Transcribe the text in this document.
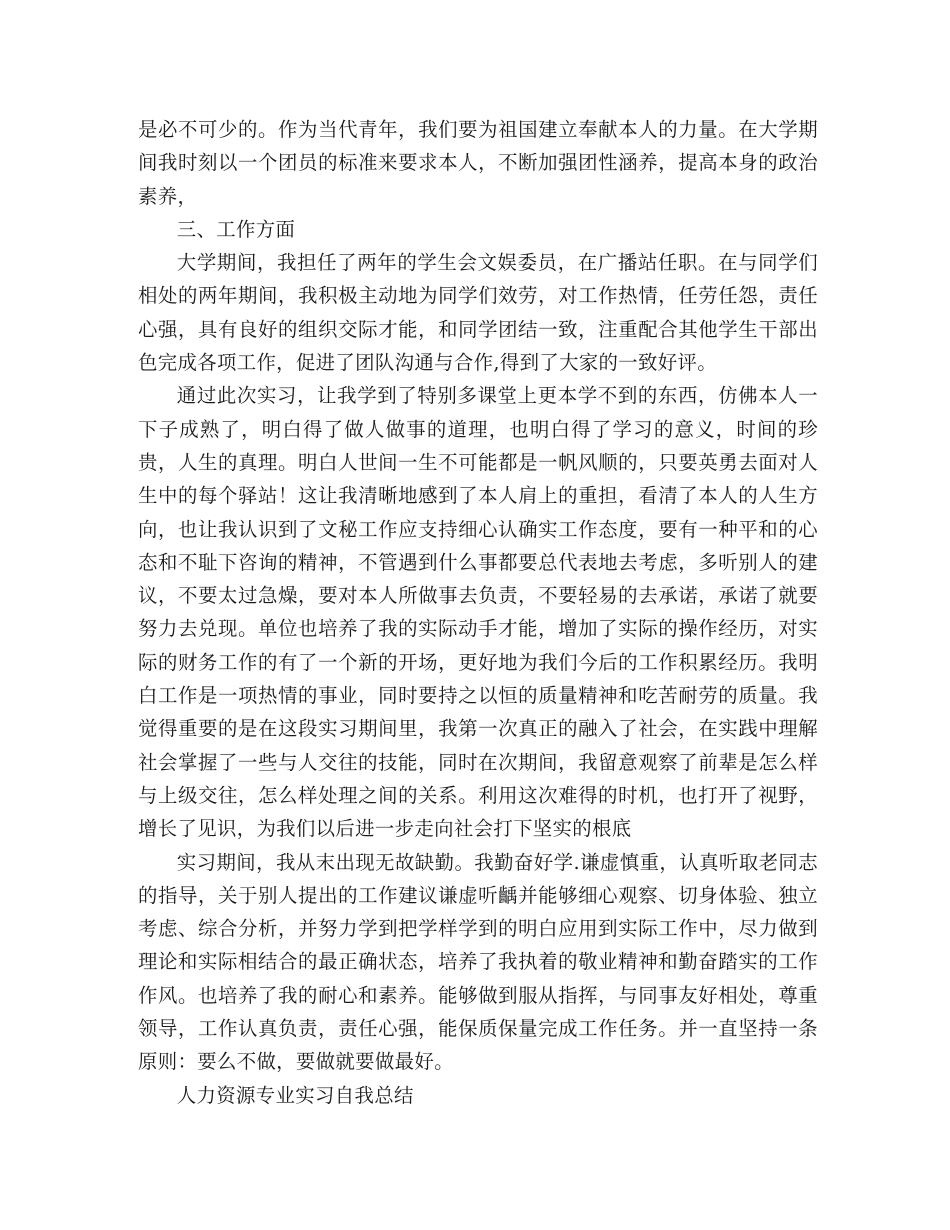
是必不可少的。作为当代青年，我们要为祖国建立奉献本人的力量。在大学期间我时刻以一个团员的标准来要求本人，不断加强团性涵养，提高本身的政治素养，

三、工作方面

大学期间，我担任了两年的学生会文娱委员，在广播站任职。在与同学们相处的两年期间，我积极主动地为同学们效劳，对工作热情，任劳任怨，责任心强，具有良好的组织交际才能，和同学团结一致，注重配合其他学生干部出色完成各项工作，促进了团队沟通与合作,得到了大家的一致好评。

通过此次实习，让我学到了特别多课堂上更本学不到的东西，仿佛本人一下子成熟了，明白得了做人做事的道理，也明白得了学习的意义，时间的珍贵，人生的真理。明白人世间一生不可能都是一帆风顺的，只要英勇去面对人生中的每个驿站！这让我清晰地感到了本人肩上的重担，看清了本人的人生方向，也让我认识到了文秘工作应支持细心认确实工作态度，要有一种平和的心态和不耻下咨询的精神，不管遇到什么事都要总代表地去考虑，多听别人的建议，不要太过急燥，要对本人所做事去负责，不要轻易的去承诺，承诺了就要努力去兑现。单位也培养了我的实际动手才能，增加了实际的操作经历，对实际的财务工作的有了一个新的开场，更好地为我们今后的工作积累经历。我明白工作是一项热情的事业，同时要持之以恒的质量精神和吃苦耐劳的质量。我觉得重要的是在这段实习期间里，我第一次真正的融入了社会，在实践中理解社会掌握了一些与人交往的技能，同时在次期间，我留意观察了前辈是怎么样与上级交往，怎么样处理之间的关系。利用这次难得的时机，也打开了视野，增长了见识，为我们以后进一步走向社会打下坚实的根底

实习期间，我从末出现无故缺勤。我勤奋好学.谦虚慎重，认真听取老同志的指导，关于别人提出的工作建议谦虚听齲并能够细心观察、切身体验、独立考虑、综合分析，并努力学到把学样学到的明白应用到实际工作中，尽力做到理论和实际相结合的最正确状态，培养了我执着的敬业精神和勤奋踏实的工作作风。也培养了我的耐心和素养。能够做到服从指挥，与同事友好相处，尊重领导，工作认真负责，责任心强，能保质保量完成工作任务。并一直坚持一条原则：要么不做，要做就要做最好。

人力资源专业实习自我总结
